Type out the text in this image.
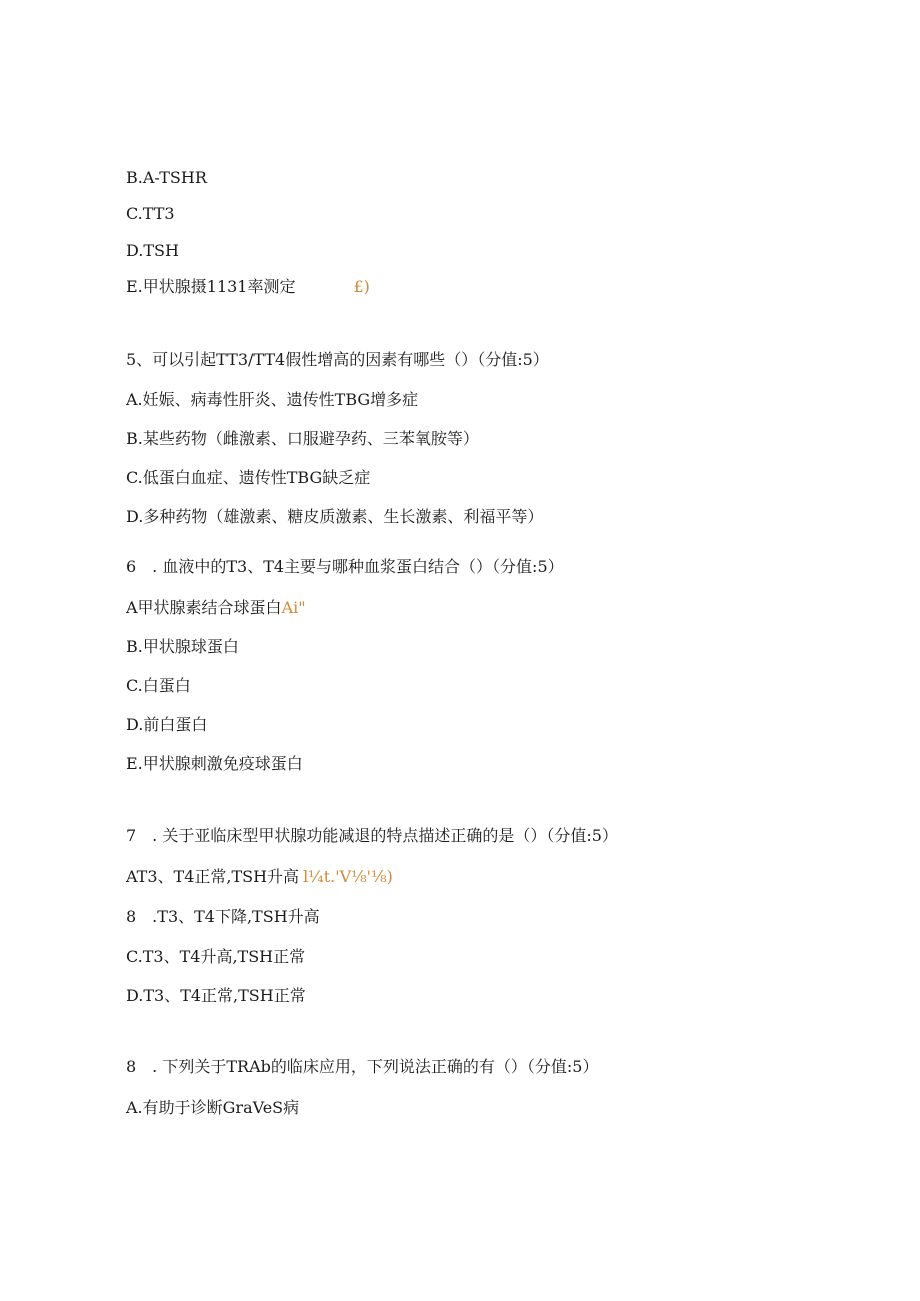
B.A-TSHR
C.TT3
D.TSH
E.甲状腺摄1131率测定	£)
5、可以引起TT3/TT4假性增高的因素有哪些（）（分值:5）
A.妊娠、病毒性肝炎、遗传性TBG增多症
B.某些药物（雌激素、口服避孕药、三苯氧胺等）
C.低蛋白血症、遗传性TBG缺乏症
D.多种药物（雄激素、糖皮质激素、生长激素、利福平等）
6　. 血液中的T3、T4主要与哪种血浆蛋白结合（）（分值:5）
A甲状腺素结合球蛋白Ai"
B.甲状腺球蛋白
C.白蛋白
D.前白蛋白
E.甲状腺刺激免疫球蛋白
7　. 关于亚临床型甲状腺功能减退的特点描述正确的是（）（分值:5）
AT3、T4正常,TSH升高 l¼t.'V⅛'⅛)
8　.T3、T4下降,TSH升高
C.T3、T4升高,TSH正常
D.T3、T4正常,TSH正常
8　. 下列关于TRAb的临床应用，下列说法正确的有（）（分值:5）
A.有助于诊断GraVeS病
